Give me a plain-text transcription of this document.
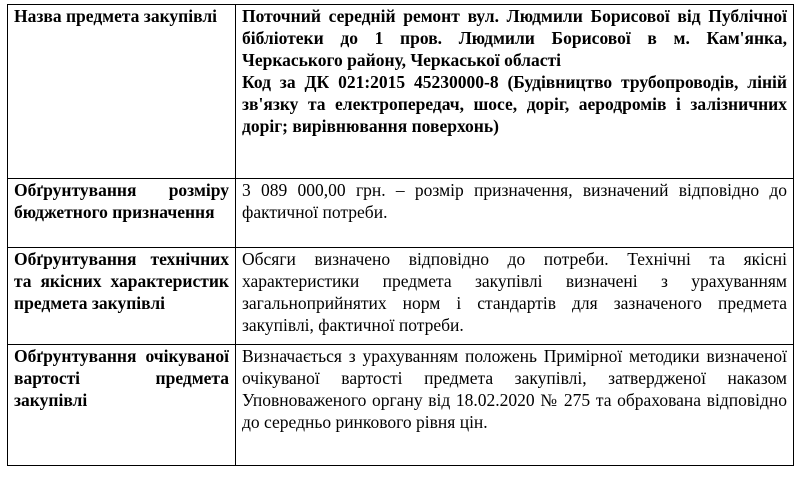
Назва предмета закупівлі	Поточний середній ремонт вул. Людмили Борисової від Публічної бібліотеки до 1 пров. Людмили Борисової в м. Кам'янка, Черкаського району, Черкаської області
Код за ДК 021:2015 45230000-8 (Будівництво трубопроводів, ліній зв'язку та електропередач, шосе, доріг, аеродромів і залізничних доріг; вирівнювання поверхонь)

Обґрунтування розміру бюджетного призначення	3 089 000,00 грн. – розмір призначення, визначений відповідно до фактичної потреби.
Обґрунтування технічних та якісних характеристик предмета закупівлі	Обсяги визначено відповідно до потреби. Технічні та якісні характеристики предмета закупівлі визначені з урахуванням загальноприйнятих норм і стандартів для зазначеного предмета закупівлі, фактичної потреби.
Обґрунтування очікуваної вартості предмета закупівлі	Визначається з урахуванням положень Примірної методики визначеної очікуваної вартості предмета закупівлі, затвердженої наказом Уповноваженого органу від 18.02.2020 № 275 та обрахована відповідно до середньо ринкового рівня цін.
